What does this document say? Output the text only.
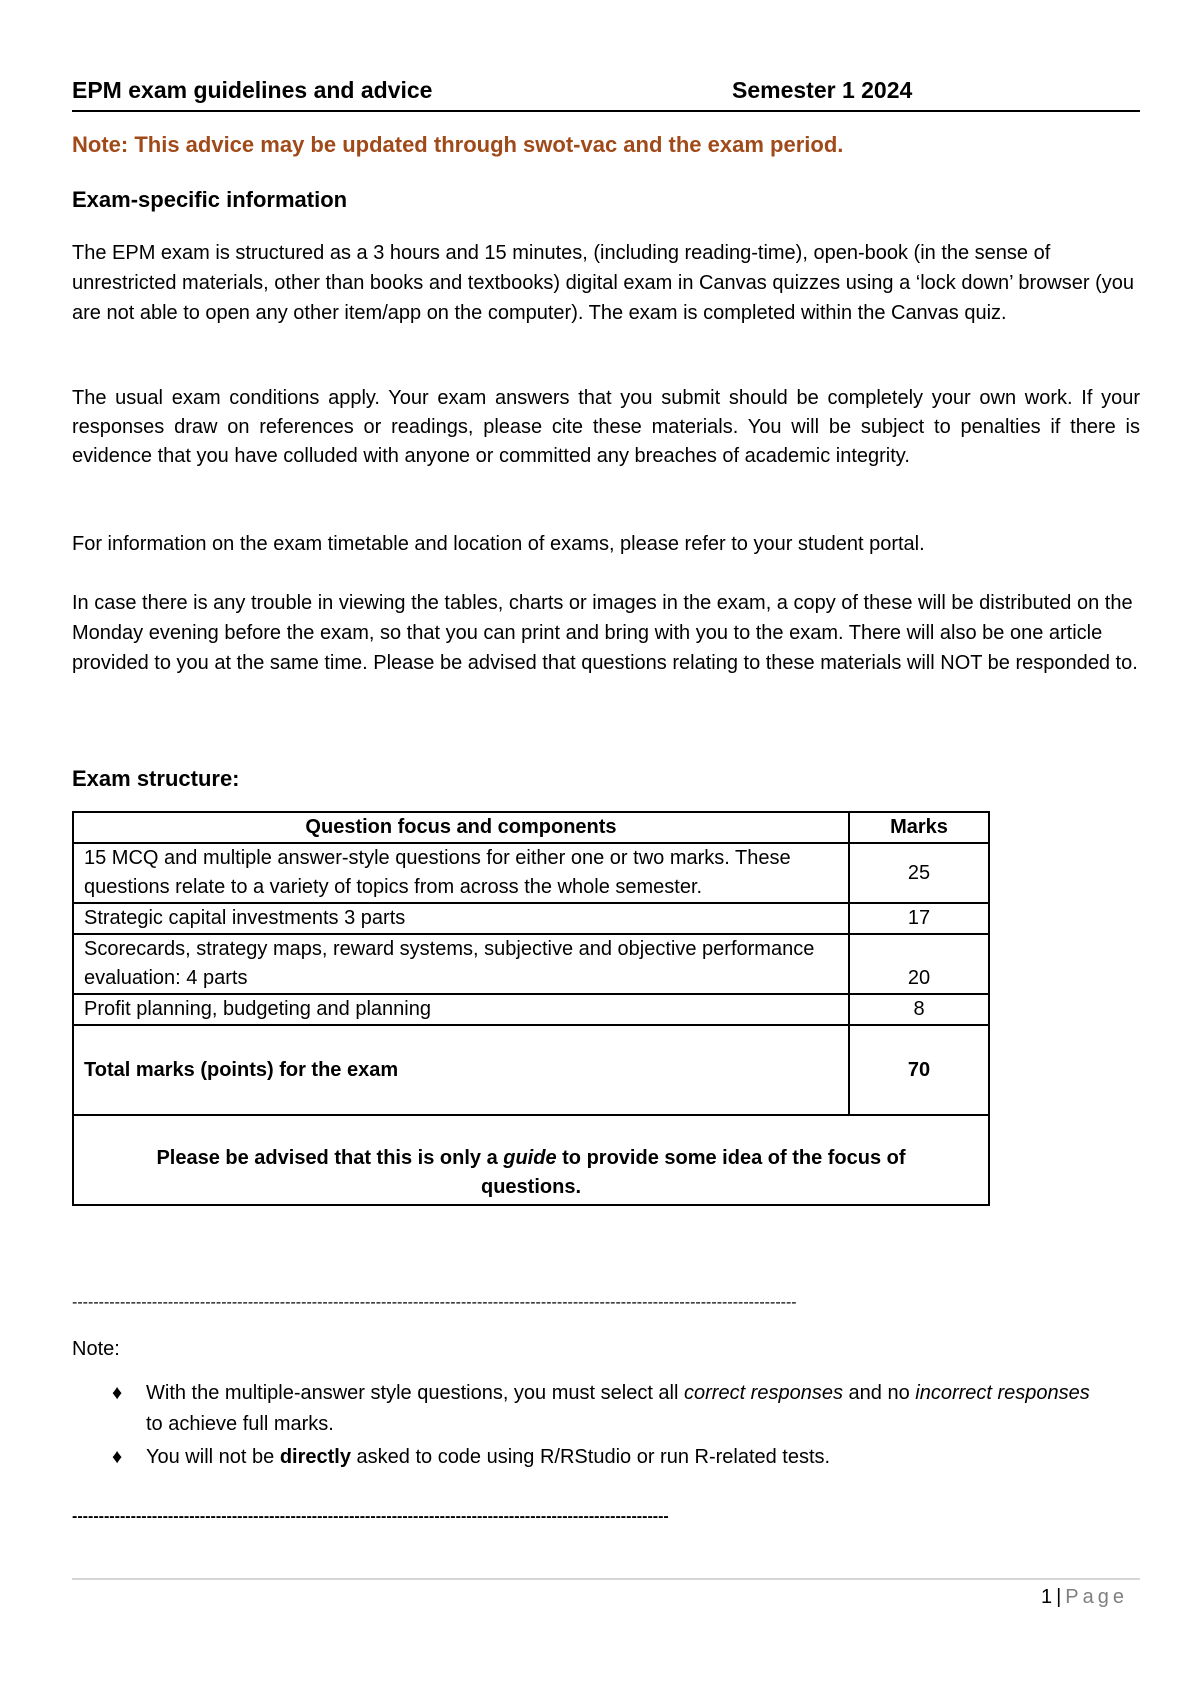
EPM exam guidelines and advice	Semester 1 2024
Note: This advice may be updated through swot-vac and the exam period.
Exam-specific information
The EPM exam is structured as a 3 hours and 15 minutes, (including reading-time), open-book (in the sense of unrestricted materials, other than books and textbooks) digital exam in Canvas quizzes using a ‘lock down’ browser (you are not able to open any other item/app on the computer). The exam is completed within the Canvas quiz.
The usual exam conditions apply. Your exam answers that you submit should be completely your own work. If your responses draw on references or readings, please cite these materials. You will be subject to penalties if there is evidence that you have colluded with anyone or committed any breaches of academic integrity.
For information on the exam timetable and location of exams, please refer to your student portal.
In case there is any trouble in viewing the tables, charts or images in the exam, a copy of these will be distributed on the Monday evening before the exam, so that you can print and bring with you to the exam. There will also be one article provided to you at the same time. Please be advised that questions relating to these materials will NOT be responded to.
Exam structure:
Question focus and components	Marks
15 MCQ and multiple answer-style questions for either one or two marks. These questions relate to a variety of topics from across the whole semester.	25
Strategic capital investments 3 parts	17
Scorecards, strategy maps, reward systems, subjective and objective performance evaluation: 4 parts	20
Profit planning, budgeting and planning	8
Total marks (points) for the exam	70
Please be advised that this is only a guide to provide some idea of the focus of questions.	
----------------------------------------------------------------------------------------------------------------------------------------
Note:
♦ With the multiple-answer style questions, you must select all correct responses and no incorrect responses to achieve full marks.
♦ You will not be directly asked to code using R/RStudio or run R-related tests.
----------------------------------------------------------------------------------------------------------------
1 | Page
